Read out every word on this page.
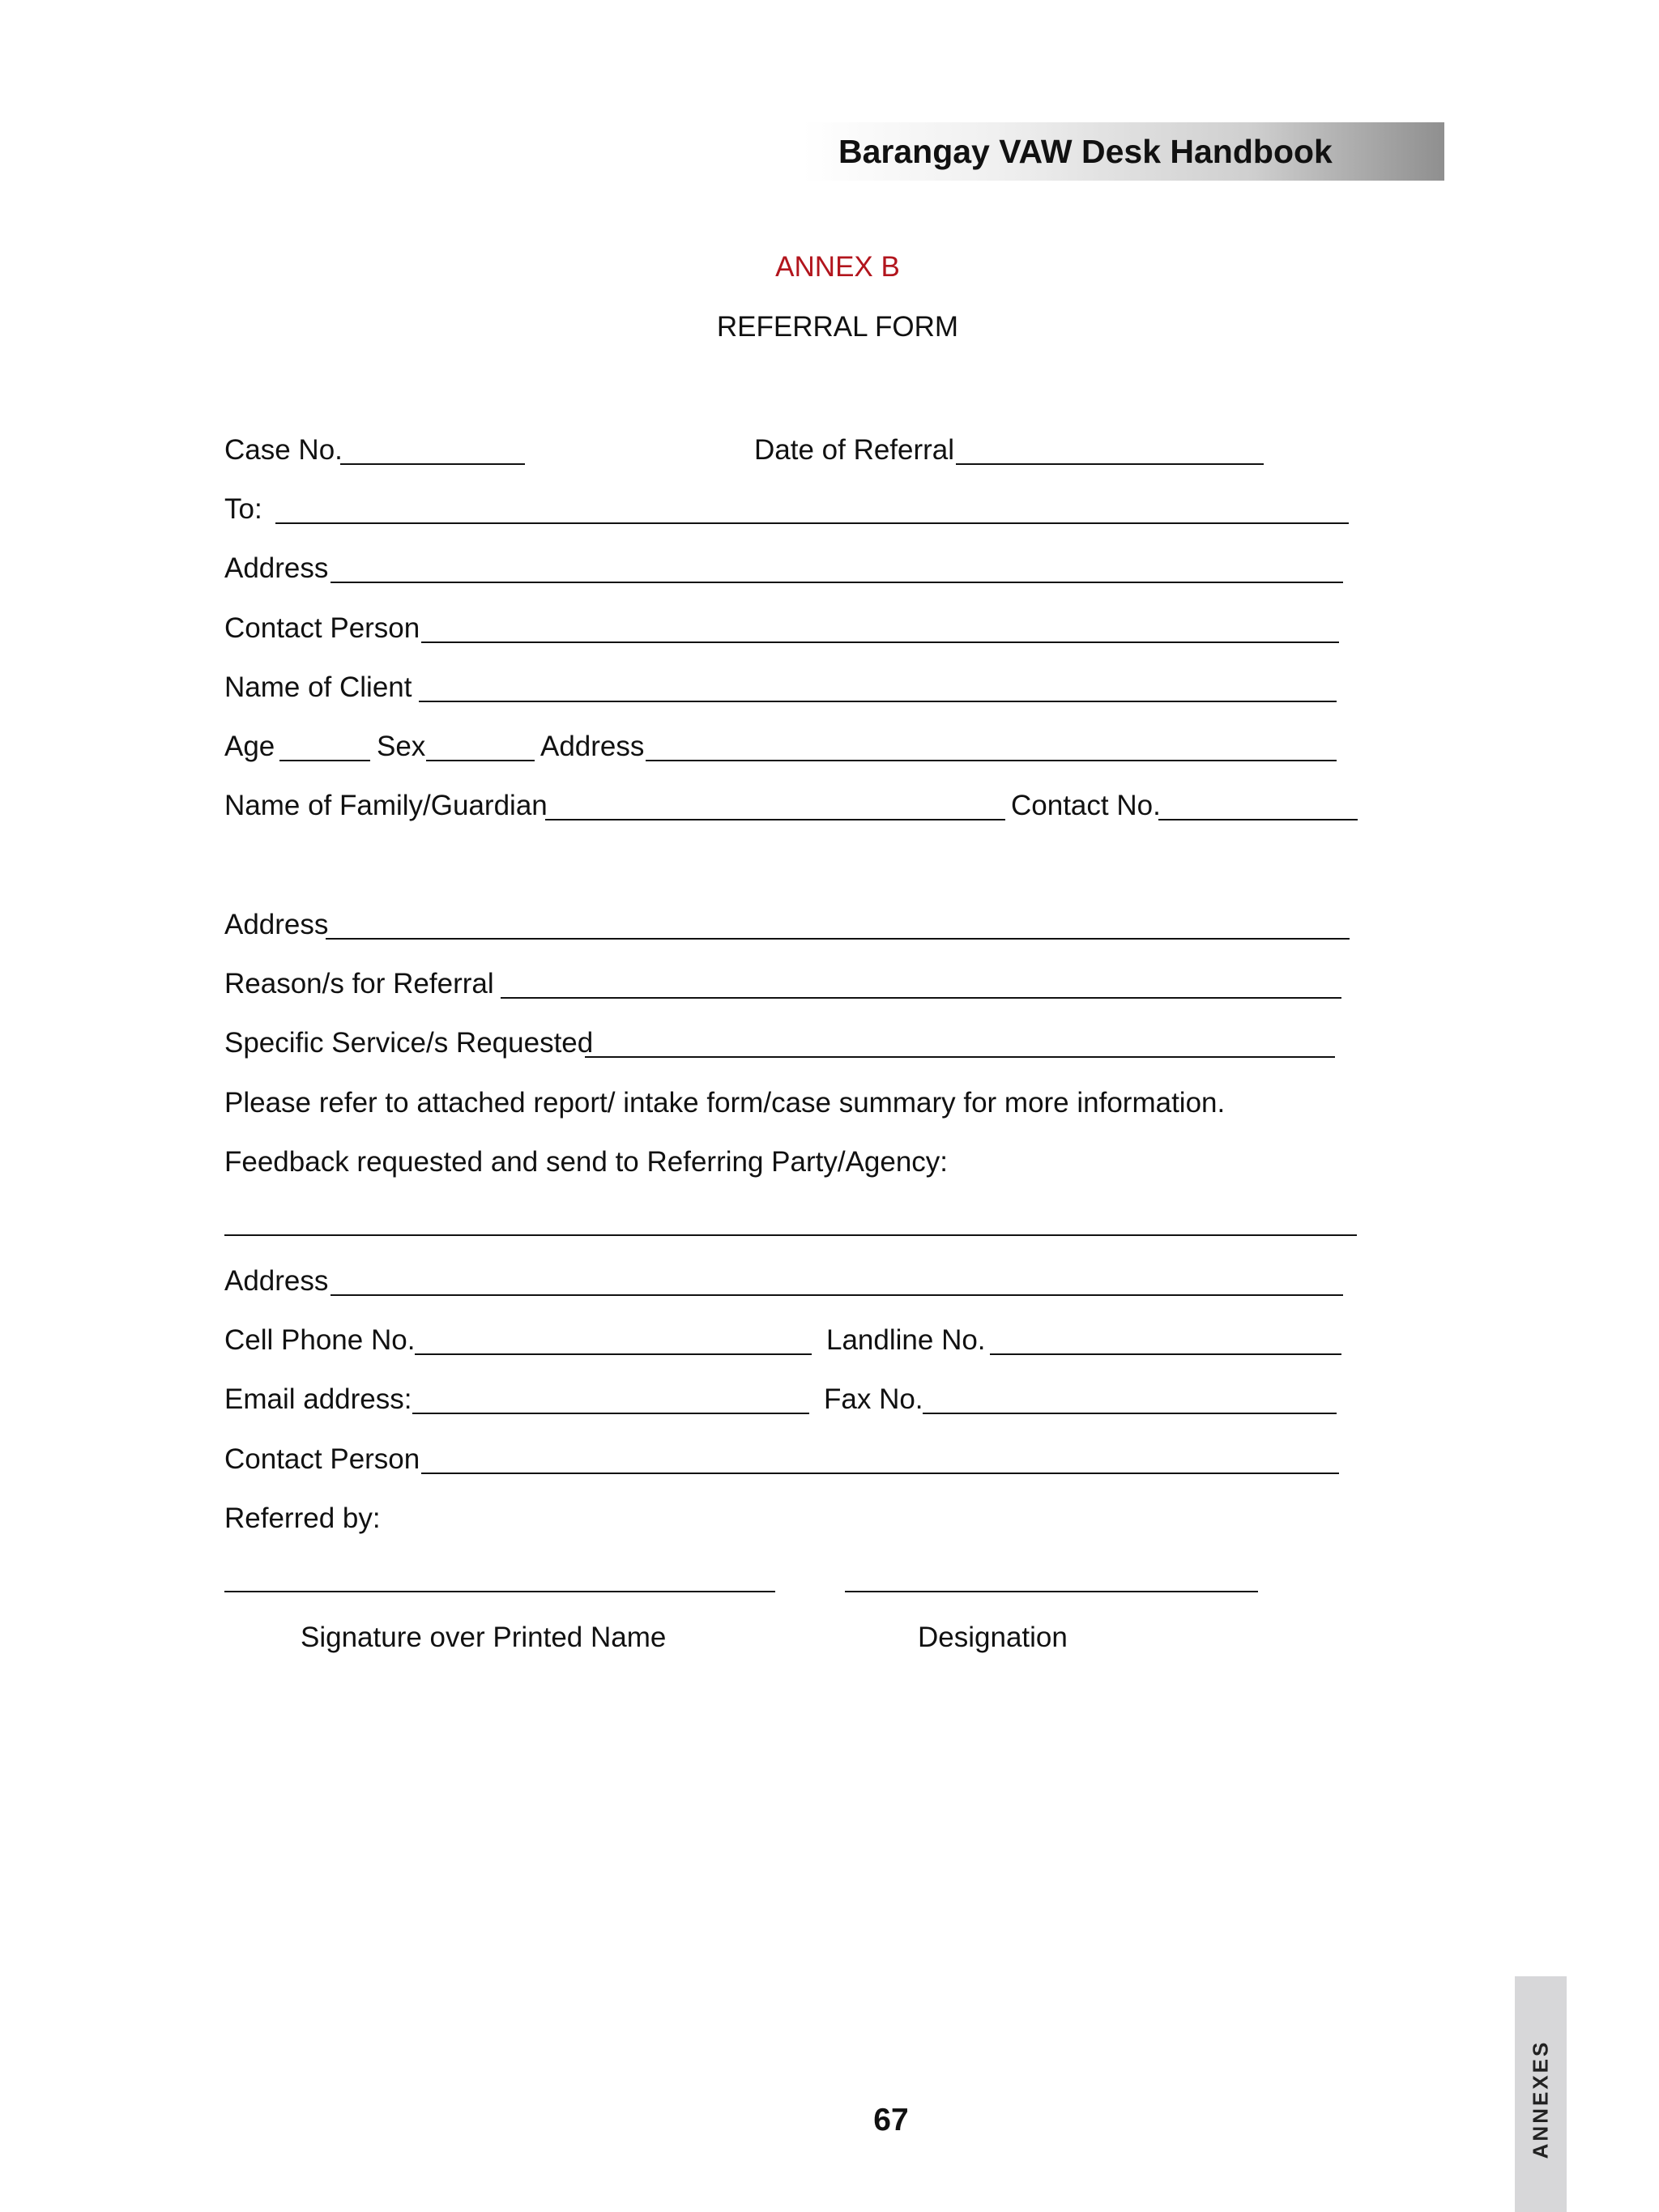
Barangay VAW Desk Handbook
ANNEX B
REFERRAL FORM
Case No.	Date of Referral
To:
Address
Contact Person
Name of Client
Age	Sex	Address
Name of Family/Guardian	Contact No.
Address
Reason/s for Referral
Specific Service/s Requested
Please refer to attached report/ intake form/case summary for more information.
Feedback requested and send to Referring Party/Agency:
Address
Cell Phone No.	Landline No.
Email address:	Fax No.
Contact Person
Referred by:
Signature over Printed Name	Designation
ANNEXES
67
